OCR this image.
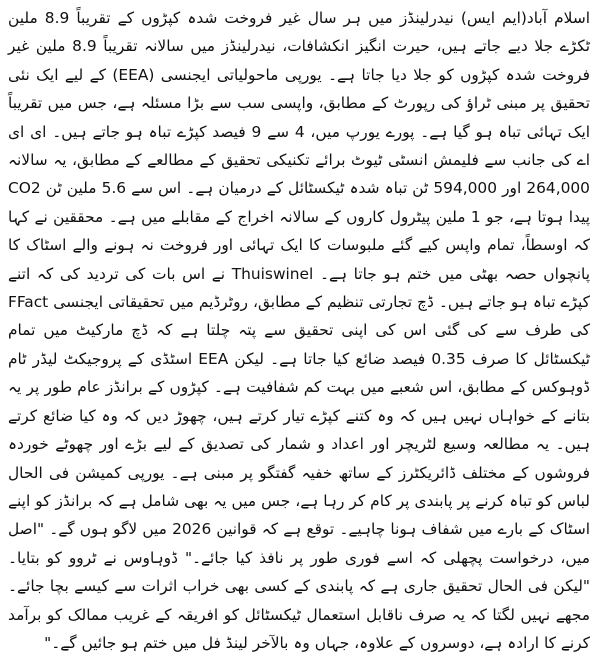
اسلام آباد(ایم ایس) نیدرلینڈز میں ہر سال غیر فروخت شدہ کپڑوں کے تقریباً 8.9 ملین ٹکڑے جلا دیے جاتے ہیں، حیرت انگیز انکشافات، نیدرلینڈز میں سالانہ تقریباً 8.9 ملین غیر فروخت شدہ کپڑوں کو جلا دیا جاتا ہے۔ یورپی ماحولیاتی ایجنسی (EEA) کے لیے ایک نئی تحقیق پر مبنی ٹراؤ کی رپورٹ کے مطابق، واپسی سب سے بڑا مسئلہ ہے، جس میں تقریباً ایک تہائی تباہ ہو گیا ہے۔ پورے یورپ میں، 4 سے 9 فیصد کپڑے تباہ ہو جاتے ہیں۔ ای ای اے کی جانب سے فلیمش انسٹی ٹیوٹ برائے تکنیکی تحقیق کے مطالعے کے مطابق، یہ سالانہ 264,000 اور 594,000 ٹن تباہ شدہ ٹیکسٹائل کے درمیان ہے۔ اس سے 5.6 ملین ٹن CO2 پیدا ہوتا ہے، جو 1 ملین پیٹرول کاروں کے سالانہ اخراج کے مقابلے میں ہے۔ محققین نے کہا کہ اوسطاً، تمام واپس کیے گئے ملبوسات کا ایک تہائی اور فروخت نہ ہونے والے اسٹاک کا پانچواں حصہ بھٹی میں ختم ہو جاتا ہے۔ Thuiswinel نے اس بات کی تردید کی کہ اتنے کپڑے تباہ ہو جاتے ہیں۔ ڈچ تجارتی تنظیم کے مطابق، روٹرڈیم میں تحقیقاتی ایجنسی FFact کی طرف سے کی گئی اس کی اپنی تحقیق سے پتہ چلتا ہے کہ ڈچ مارکیٹ میں تمام ٹیکسٹائل کا صرف 0.35 فیصد ضائع کیا جاتا ہے۔ لیکن EEA اسٹڈی کے پروجیکٹ لیڈر ٹام ڈوہوکس کے مطابق، اس شعبے میں بہت کم شفافیت ہے۔ کپڑوں کے برانڈز عام طور پر یہ بتانے کے خواہاں نہیں ہیں کہ وہ کتنے کپڑے تیار کرتے ہیں، چھوڑ دیں کہ وہ کیا ضائع کرتے ہیں۔ یہ مطالعہ وسیع لٹریچر اور اعداد و شمار کی تصدیق کے لیے بڑے اور چھوٹے خوردہ فروشوں کے مختلف ڈائریکٹرز کے ساتھ خفیہ گفتگو پر مبنی ہے۔ یورپی کمیشن فی الحال لباس کو تباہ کرنے پر پابندی پر کام کر رہا ہے، جس میں یہ بھی شامل ہے کہ برانڈز کو اپنے اسٹاک کے بارے میں شفاف ہونا چاہیے۔ توقع ہے کہ قوانین 2026 میں لاگو ہوں گے۔ "اصل میں، درخواست پچھلی کہ اسے فوری طور پر نافذ کیا جائے۔" ڈوہاوس نے ٹروو کو بتایا۔ "لیکن فی الحال تحقیق جاری ہے کہ پابندی کے کسی بھی خراب اثرات سے کیسے بچا جائے۔ مجھے نہیں لگتا کہ یہ صرف ناقابل استعمال ٹیکسٹائل کو افریقہ کے غریب ممالک کو برآمد کرنے کا ارادہ ہے، دوسروں کے علاوہ، جہاں وہ بالآخر لینڈ فل میں ختم ہو جائیں گے۔"
